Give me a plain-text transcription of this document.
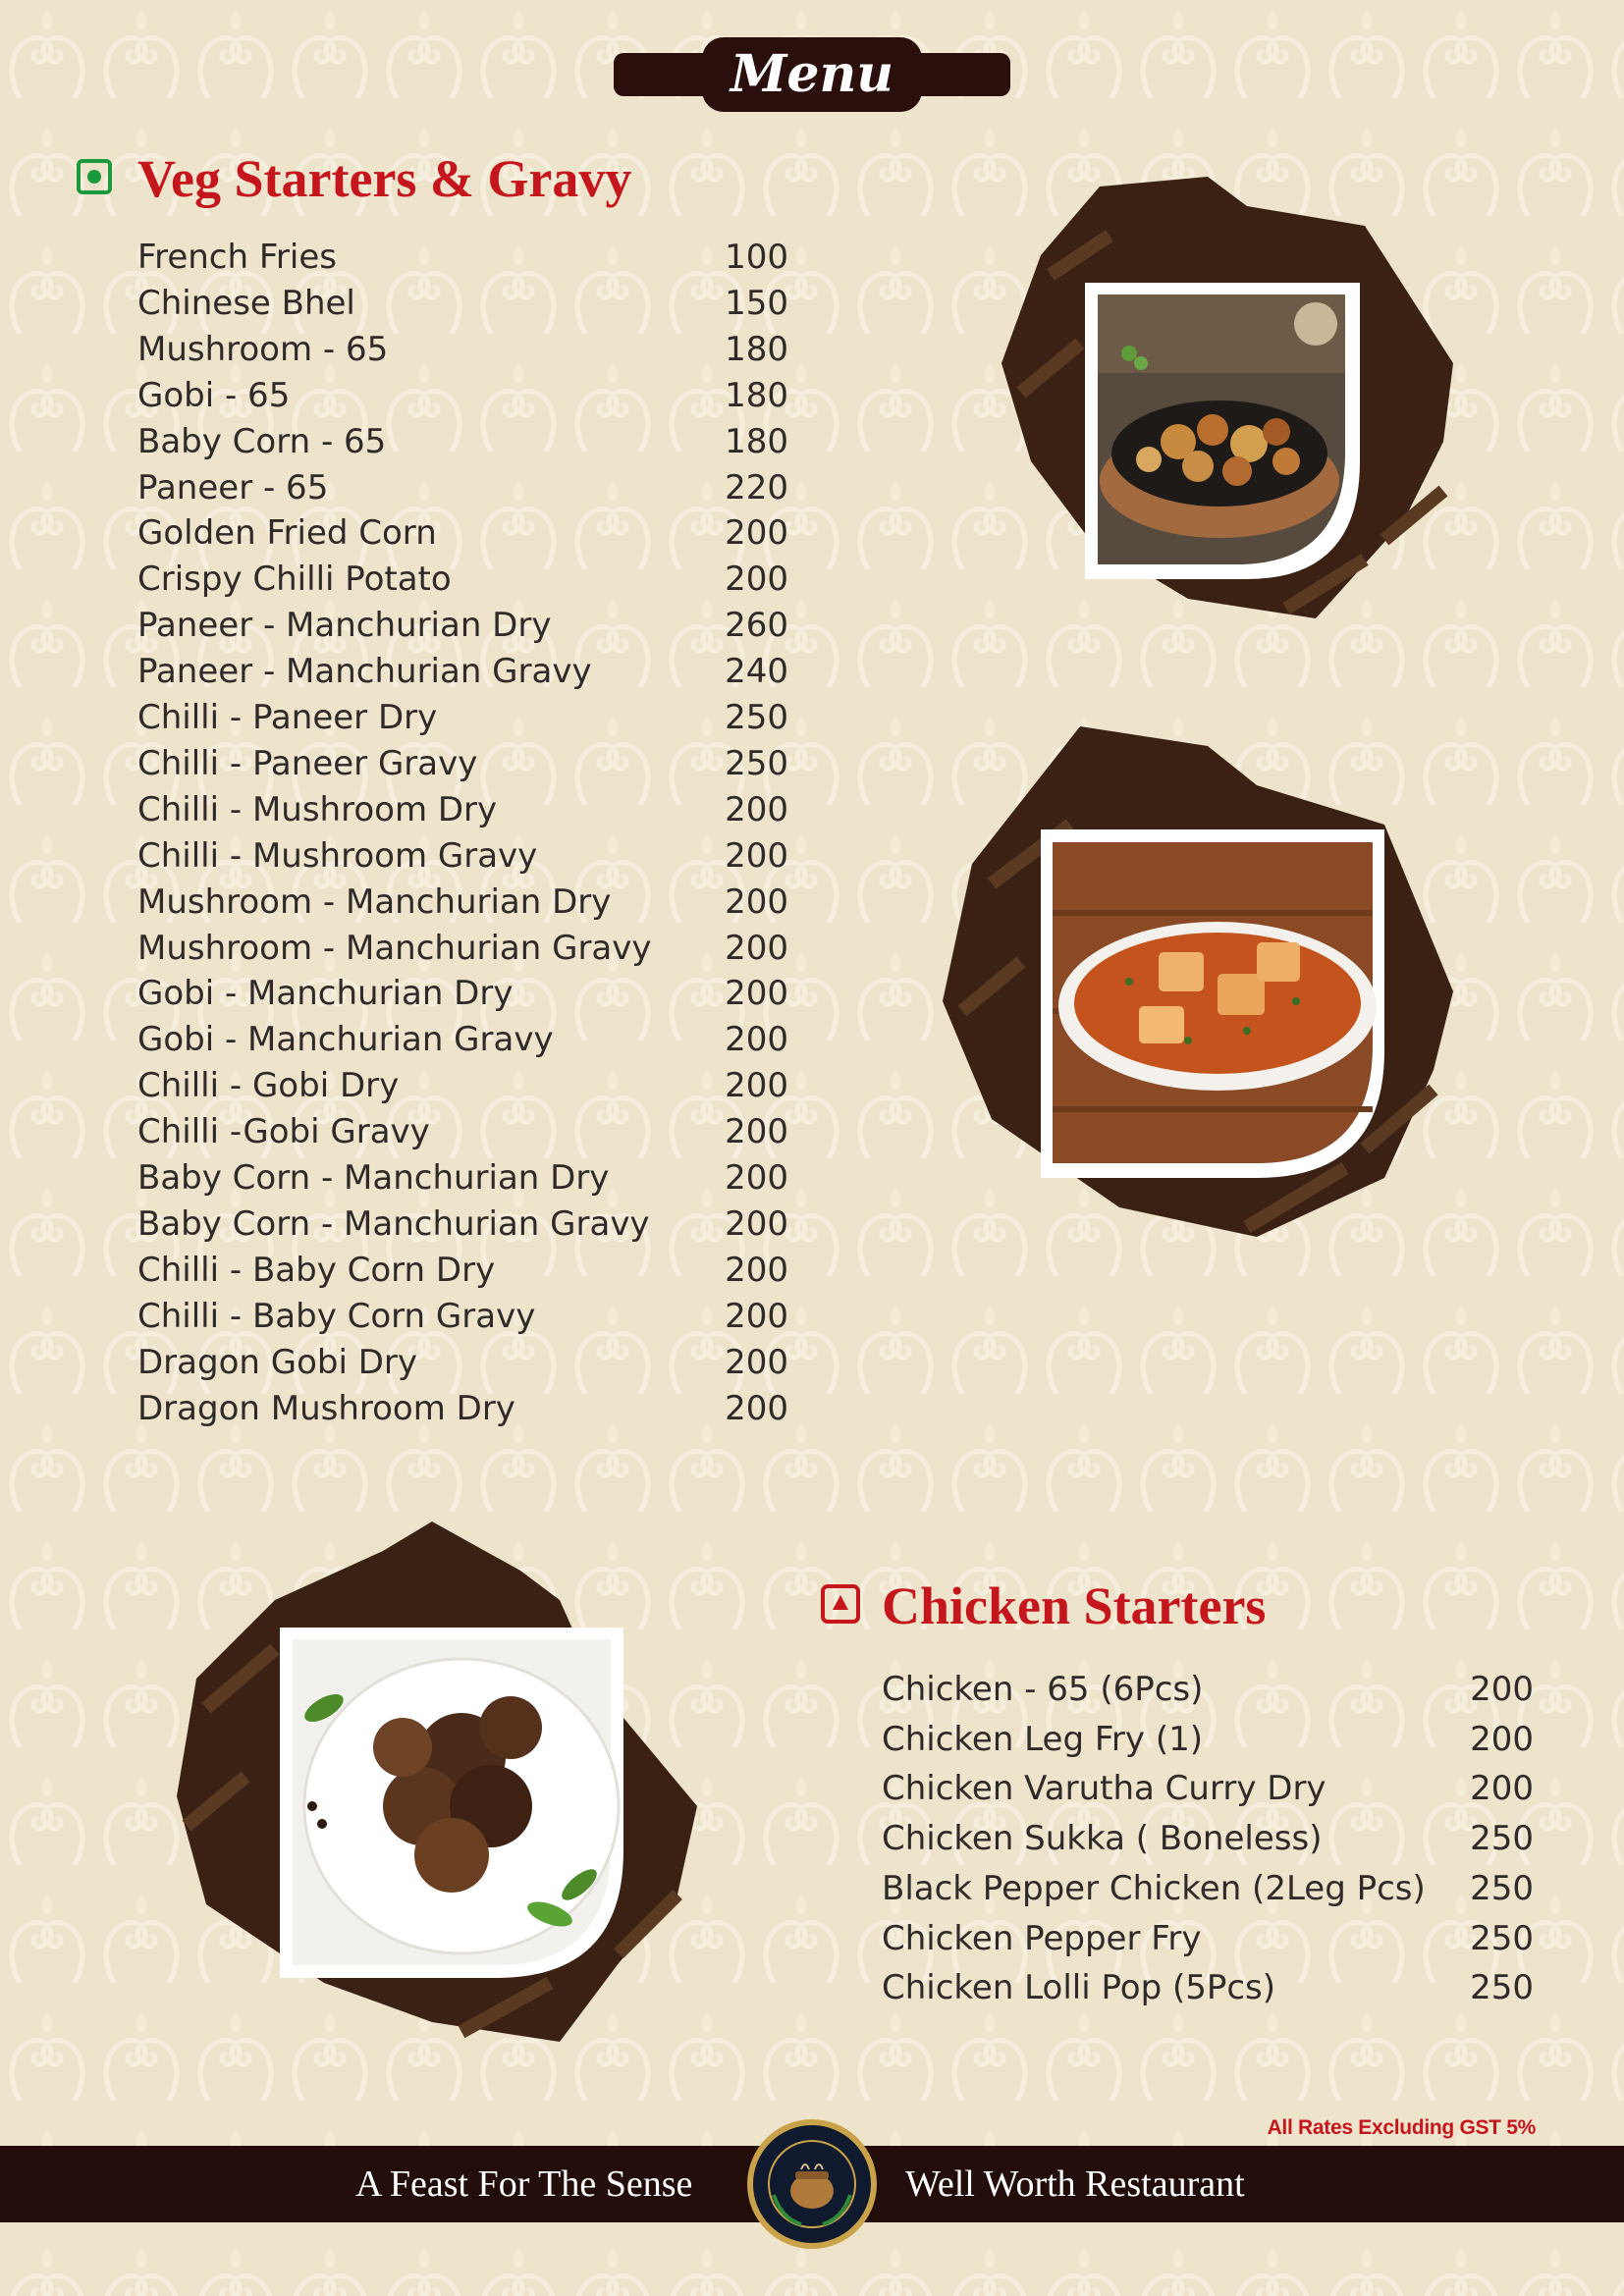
Menu
Veg Starters & Gravy
French Fries	100
Chinese Bhel	150
Mushroom - 65	180
Gobi - 65	180
Baby Corn - 65	180
Paneer - 65	220
Golden Fried Corn	200
Crispy Chilli Potato	200
Paneer - Manchurian Dry	260
Paneer - Manchurian Gravy	240
Chilli - Paneer Dry	250
Chilli - Paneer Gravy	250
Chilli - Mushroom Dry	200
Chilli - Mushroom Gravy	200
Mushroom - Manchurian Dry	200
Mushroom - Manchurian Gravy	200
Gobi - Manchurian Dry	200
Gobi - Manchurian Gravy	200
Chilli - Gobi Dry	200
Chilli -Gobi Gravy	200
Baby Corn - Manchurian Dry	200
Baby Corn - Manchurian Gravy	200
Chilli - Baby Corn Dry	200
Chilli - Baby Corn Gravy	200
Dragon Gobi Dry	200
Dragon Mushroom Dry	200
Chicken Starters
Chicken - 65 (6Pcs)	200
Chicken Leg Fry (1)	200
Chicken Varutha Curry Dry	200
Chicken Sukka ( Boneless)	250
Black Pepper Chicken (2Leg Pcs)	250
Chicken Pepper Fry	250
Chicken Lolli Pop (5Pcs)	250
All Rates Excluding GST 5%
A Feast For The Sense	Well Worth Restaurant
